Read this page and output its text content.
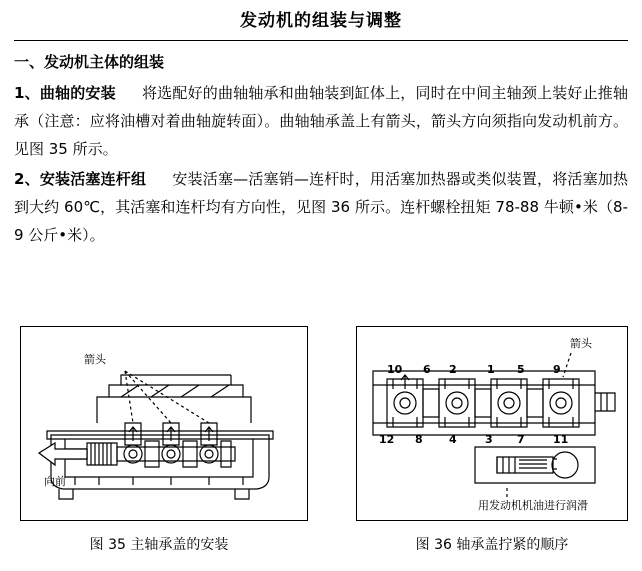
发动机的组装与调整
一、发动机主体的组装

1、曲轴的安装 将选配好的曲轴轴承和曲轴装到缸体上，同时在中间主轴颈上装好止推轴承（注意：应将油槽对着曲轴旋转面）。曲轴轴承盖上有箭头，箭头方向须指向发动机前方。见图 35 所示。

2、安装活塞连杆组 安装活塞—活塞销—连杆时，用活塞加热器或类似装置，将活塞加热到大约 60℃，其活塞和连杆均有方向性，见图 36 所示。连杆螺栓扭矩 78-88 牛顿•米（8-9 公斤•米）。

箭头
向前
图 35 主轴承盖的安装
10 6 2	1 5	9
12 8 4	3 7	11
箭头
用发动机机油进行润滑
图 36 轴承盖拧紧的顺序
